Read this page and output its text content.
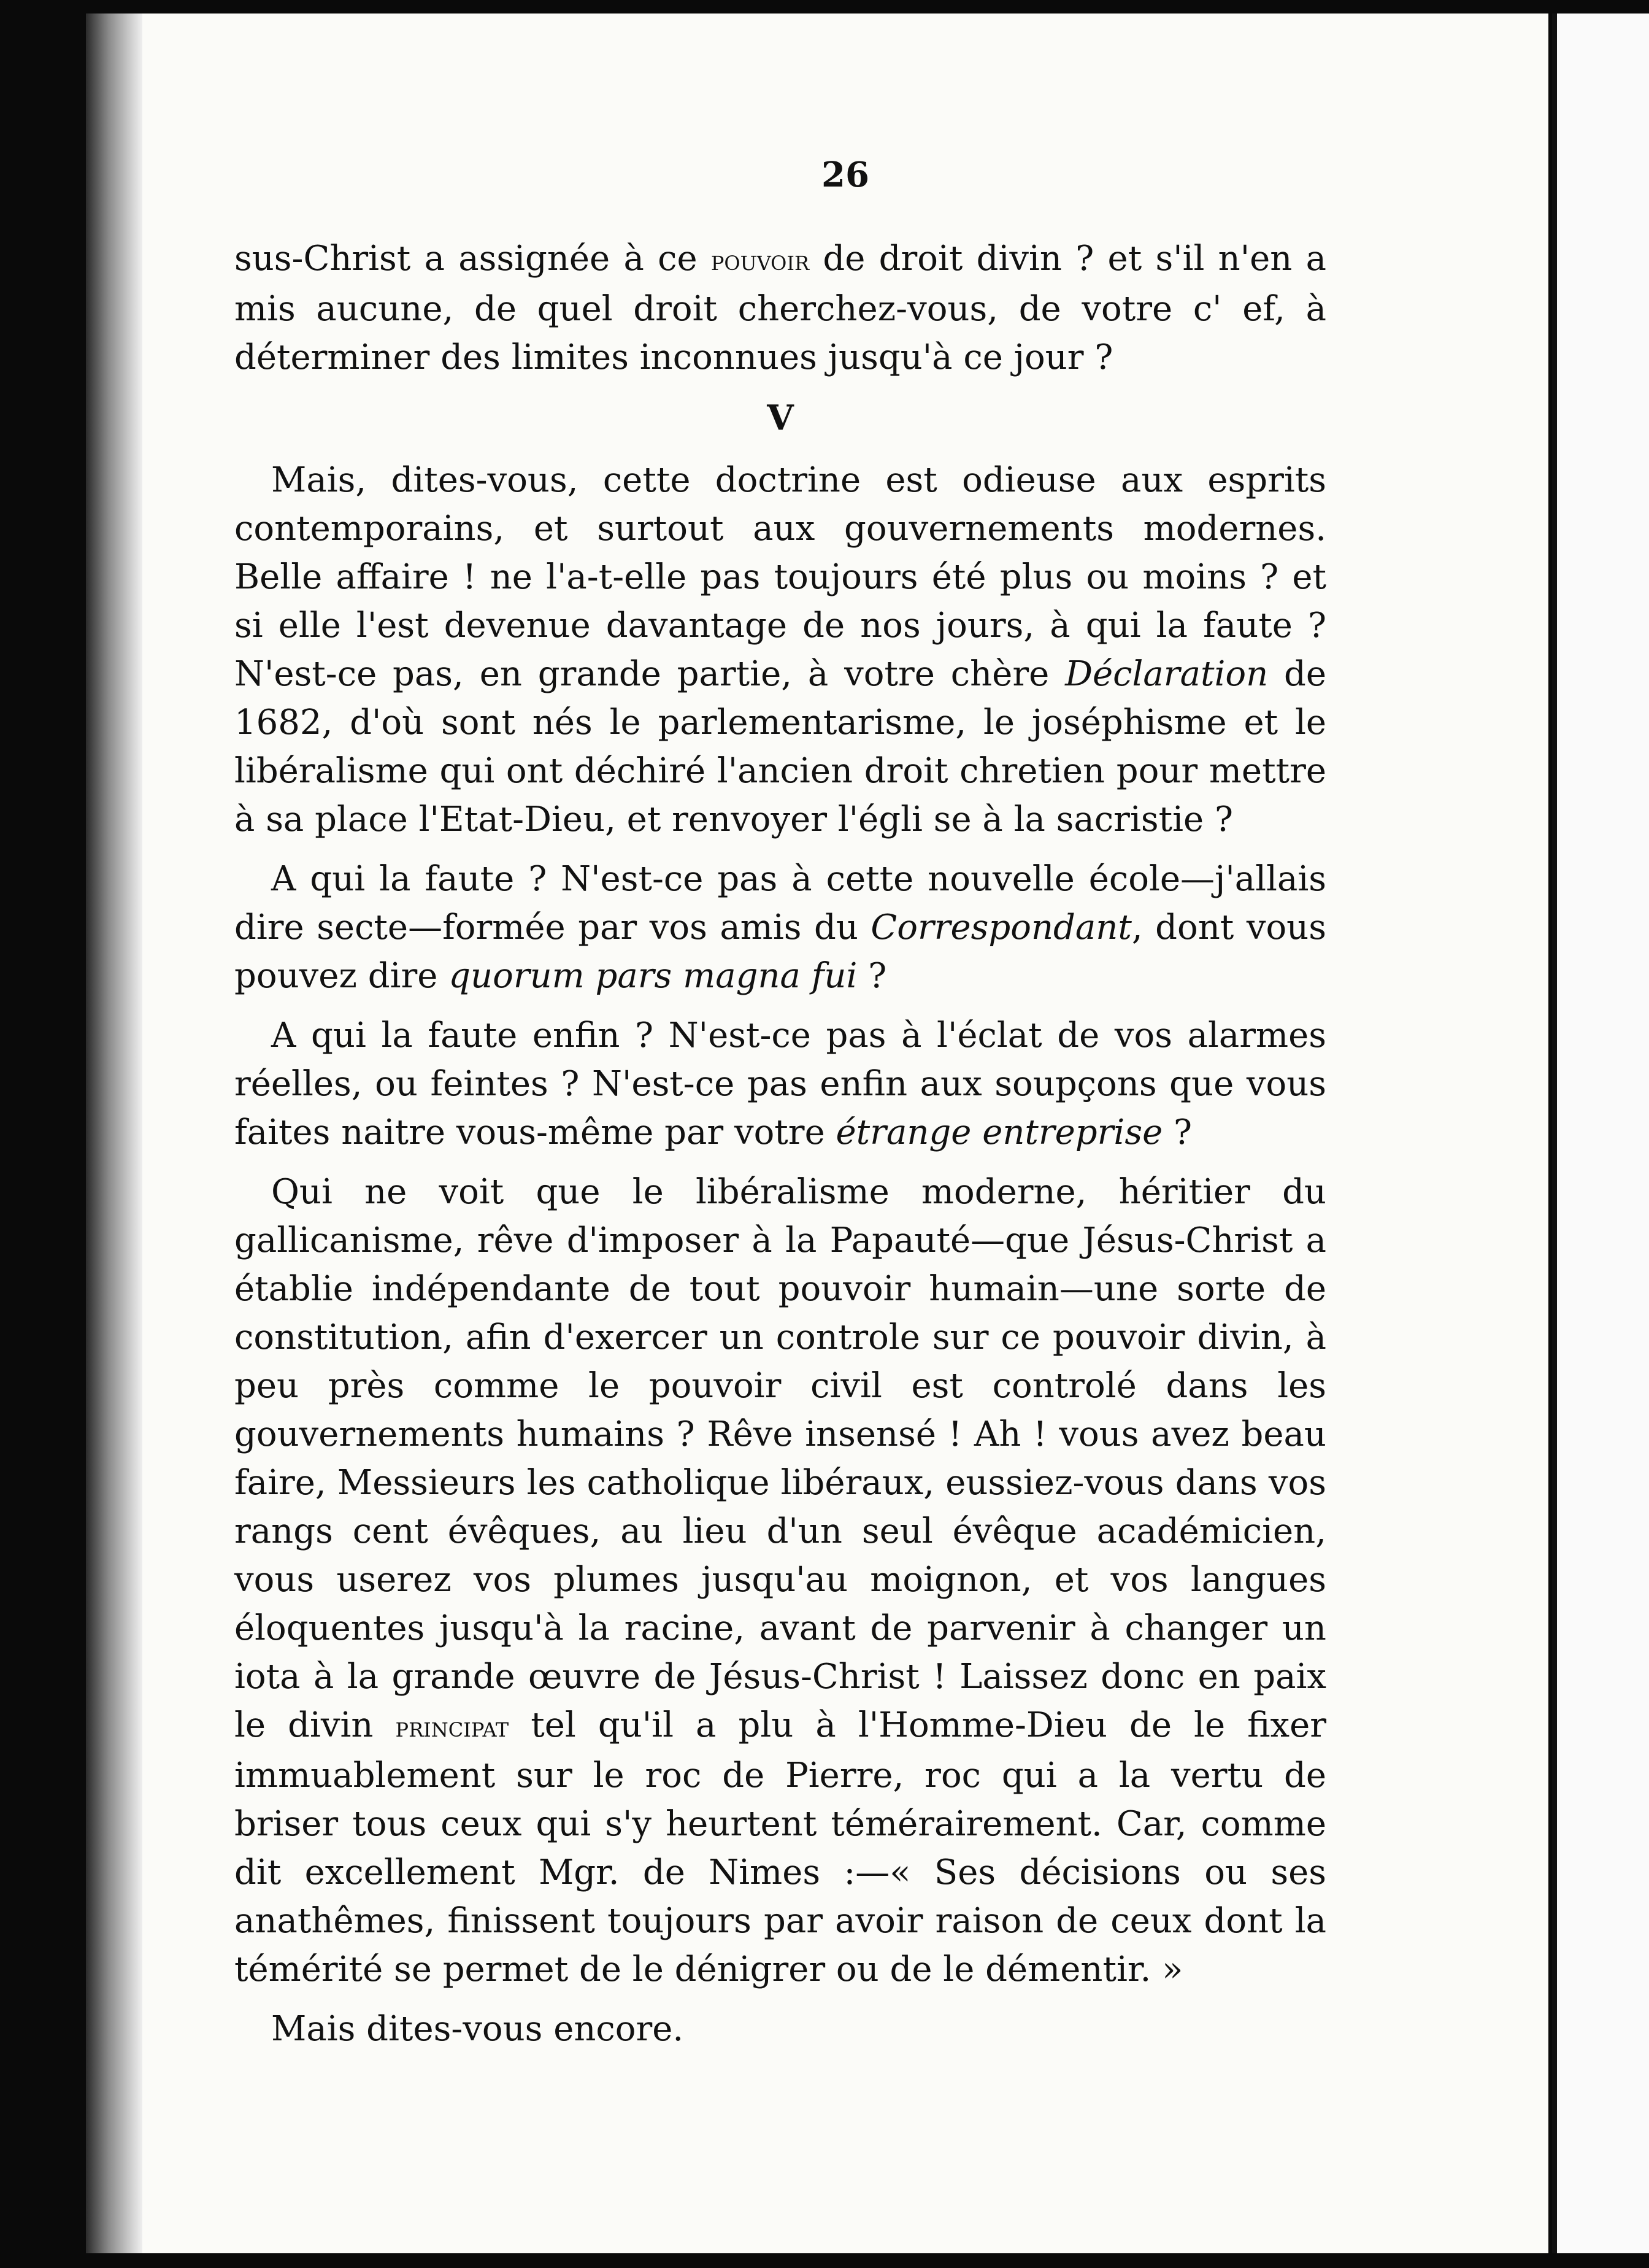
26

sus-Christ a assignée à ce pouvoir de droit divin ? et s'il n'en a mis aucune, de quel droit cherchez-vous, de votre c' ef, à déterminer des limites inconnues jusqu'à ce jour ?

V

Mais, dites-vous, cette doctrine est odieuse aux esprits contemporains, et surtout aux gouvernements modernes. Belle affaire ! ne l'a-t-elle pas toujours été plus ou moins ? et si elle l'est devenue davantage de nos jours, à qui la faute ? N'est-ce pas, en grande partie, à votre chère Déclaration de 1682, d'où sont nés le parlementarisme, le joséphisme et le libéralisme qui ont déchiré l'ancien droit chretien pour mettre à sa place l'Etat-Dieu, et renvoyer l'égli se à la sacristie ?

A qui la faute ? N'est-ce pas à cette nouvelle école—j'allais dire secte—formée par vos amis du Correspondant, dont vous pouvez dire quorum pars magna fui ?

A qui la faute enfin ? N'est-ce pas à l'éclat de vos alarmes réelles, ou feintes ? N'est-ce pas enfin aux soupçons que vous faites naitre vous-même par votre étrange entreprise ?

Qui ne voit que le libéralisme moderne, héritier du gallicanisme, rêve d'imposer à la Papauté—que Jésus-Christ a établie indépendante de tout pouvoir humain—une sorte de constitution, afin d'exercer un controle sur ce pouvoir divin, à peu près comme le pouvoir civil est controlé dans les gouvernements humains ? Rêve insensé ! Ah ! vous avez beau faire, Messieurs les catholique libéraux, eussiez-vous dans vos rangs cent évêques, au lieu d'un seul évêque académicien, vous userez vos plumes jusqu'au moignon, et vos langues éloquentes jusqu'à la racine, avant de parvenir à changer un iota à la grande œuvre de Jésus-Christ ! Laissez donc en paix le divin principat tel qu'il a plu à l'Homme-Dieu de le fixer immuablement sur le roc de Pierre, roc qui a la vertu de briser tous ceux qui s'y heurtent témérairement. Car, comme dit excellement Mgr. de Nimes :—« Ses décisions ou ses anathêmes, finissent toujours par avoir raison de ceux dont la témérité se permet de le dénigrer ou de le démentir. »

Mais dites-vous encore.
